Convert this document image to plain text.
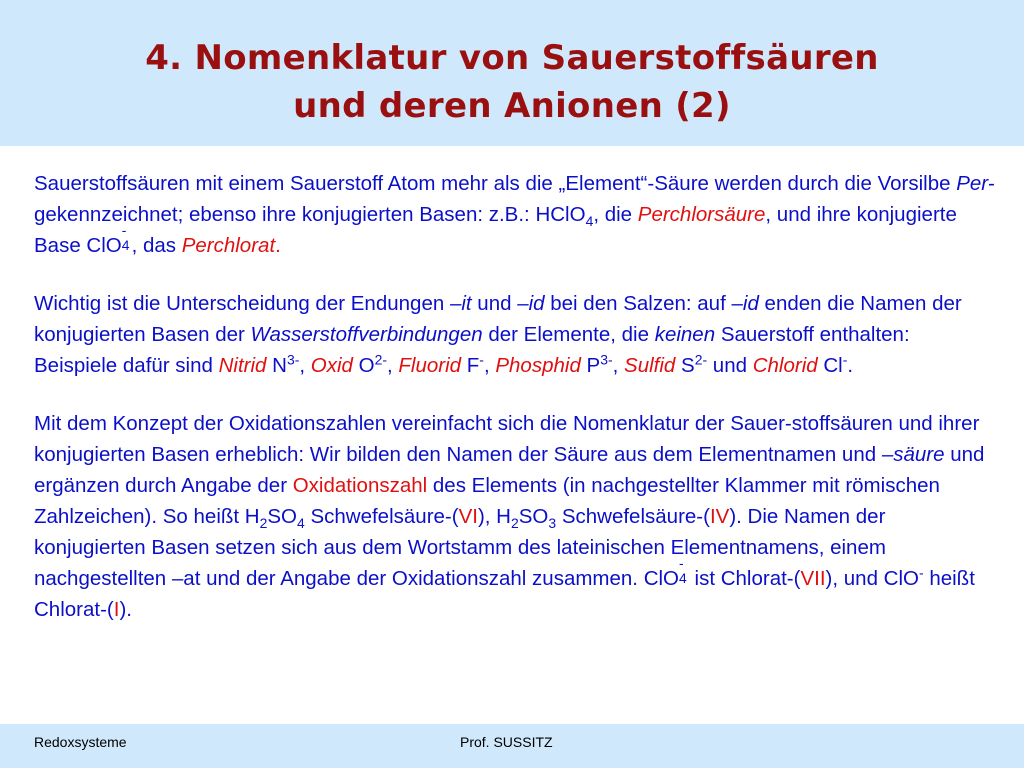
4. Nomenklatur von Sauerstoffsäuren
und deren Anionen (2)

Sauerstoffsäuren mit einem Sauerstoff Atom mehr als die „Element“-Säure werden durch die Vorsilbe Per- gekennzeichnet; ebenso ihre konjugierten Basen: z.B.: HClO$_4$, die Perchlorsäure, und ihre konjugierte Base ClO
-
4 , das Perchlorat.

Wichtig ist die Unterscheidung der Endungen –it und –id bei den Salzen: auf –id enden die Namen der konjugierten Basen der Wasserstoffverbindungen der Elemente, die keinen Sauerstoff enthalten: Beispiele dafür sind Nitrid $N^{3-}$, Oxid $O^{2-}$, Fluorid F-, Phosphid $P^{3-}$, Sulfid $S^{2-}$ und Chlorid Cl-.

Mit dem Konzept der Oxidationszahlen vereinfacht sich die Nomenklatur der Sauer-stoffsäuren und ihrer konjugierten Basen erheblich: Wir bilden den Namen der Säure aus dem Elementnamen und –säure und ergänzen durch Angabe der Oxidationszahl des Elements (in nachgestellter Klammer mit römischen Zahlzeichen). So heißt $H_2SO_4$ Schwefelsäure-(VI), $H_2SO_3$ Schwefelsäure-(IV). Die Namen der konjugierten Basen setzen sich aus dem Wortstamm des lateinischen Elementnamens, einem nachgestellten –at und der Angabe der Oxidationszahl zusammen. ClO
-
4 ist Chlorat-(VII), und ClO- heißt Chlorat-(I).

Redoxsysteme	Prof. SUSSITZ
